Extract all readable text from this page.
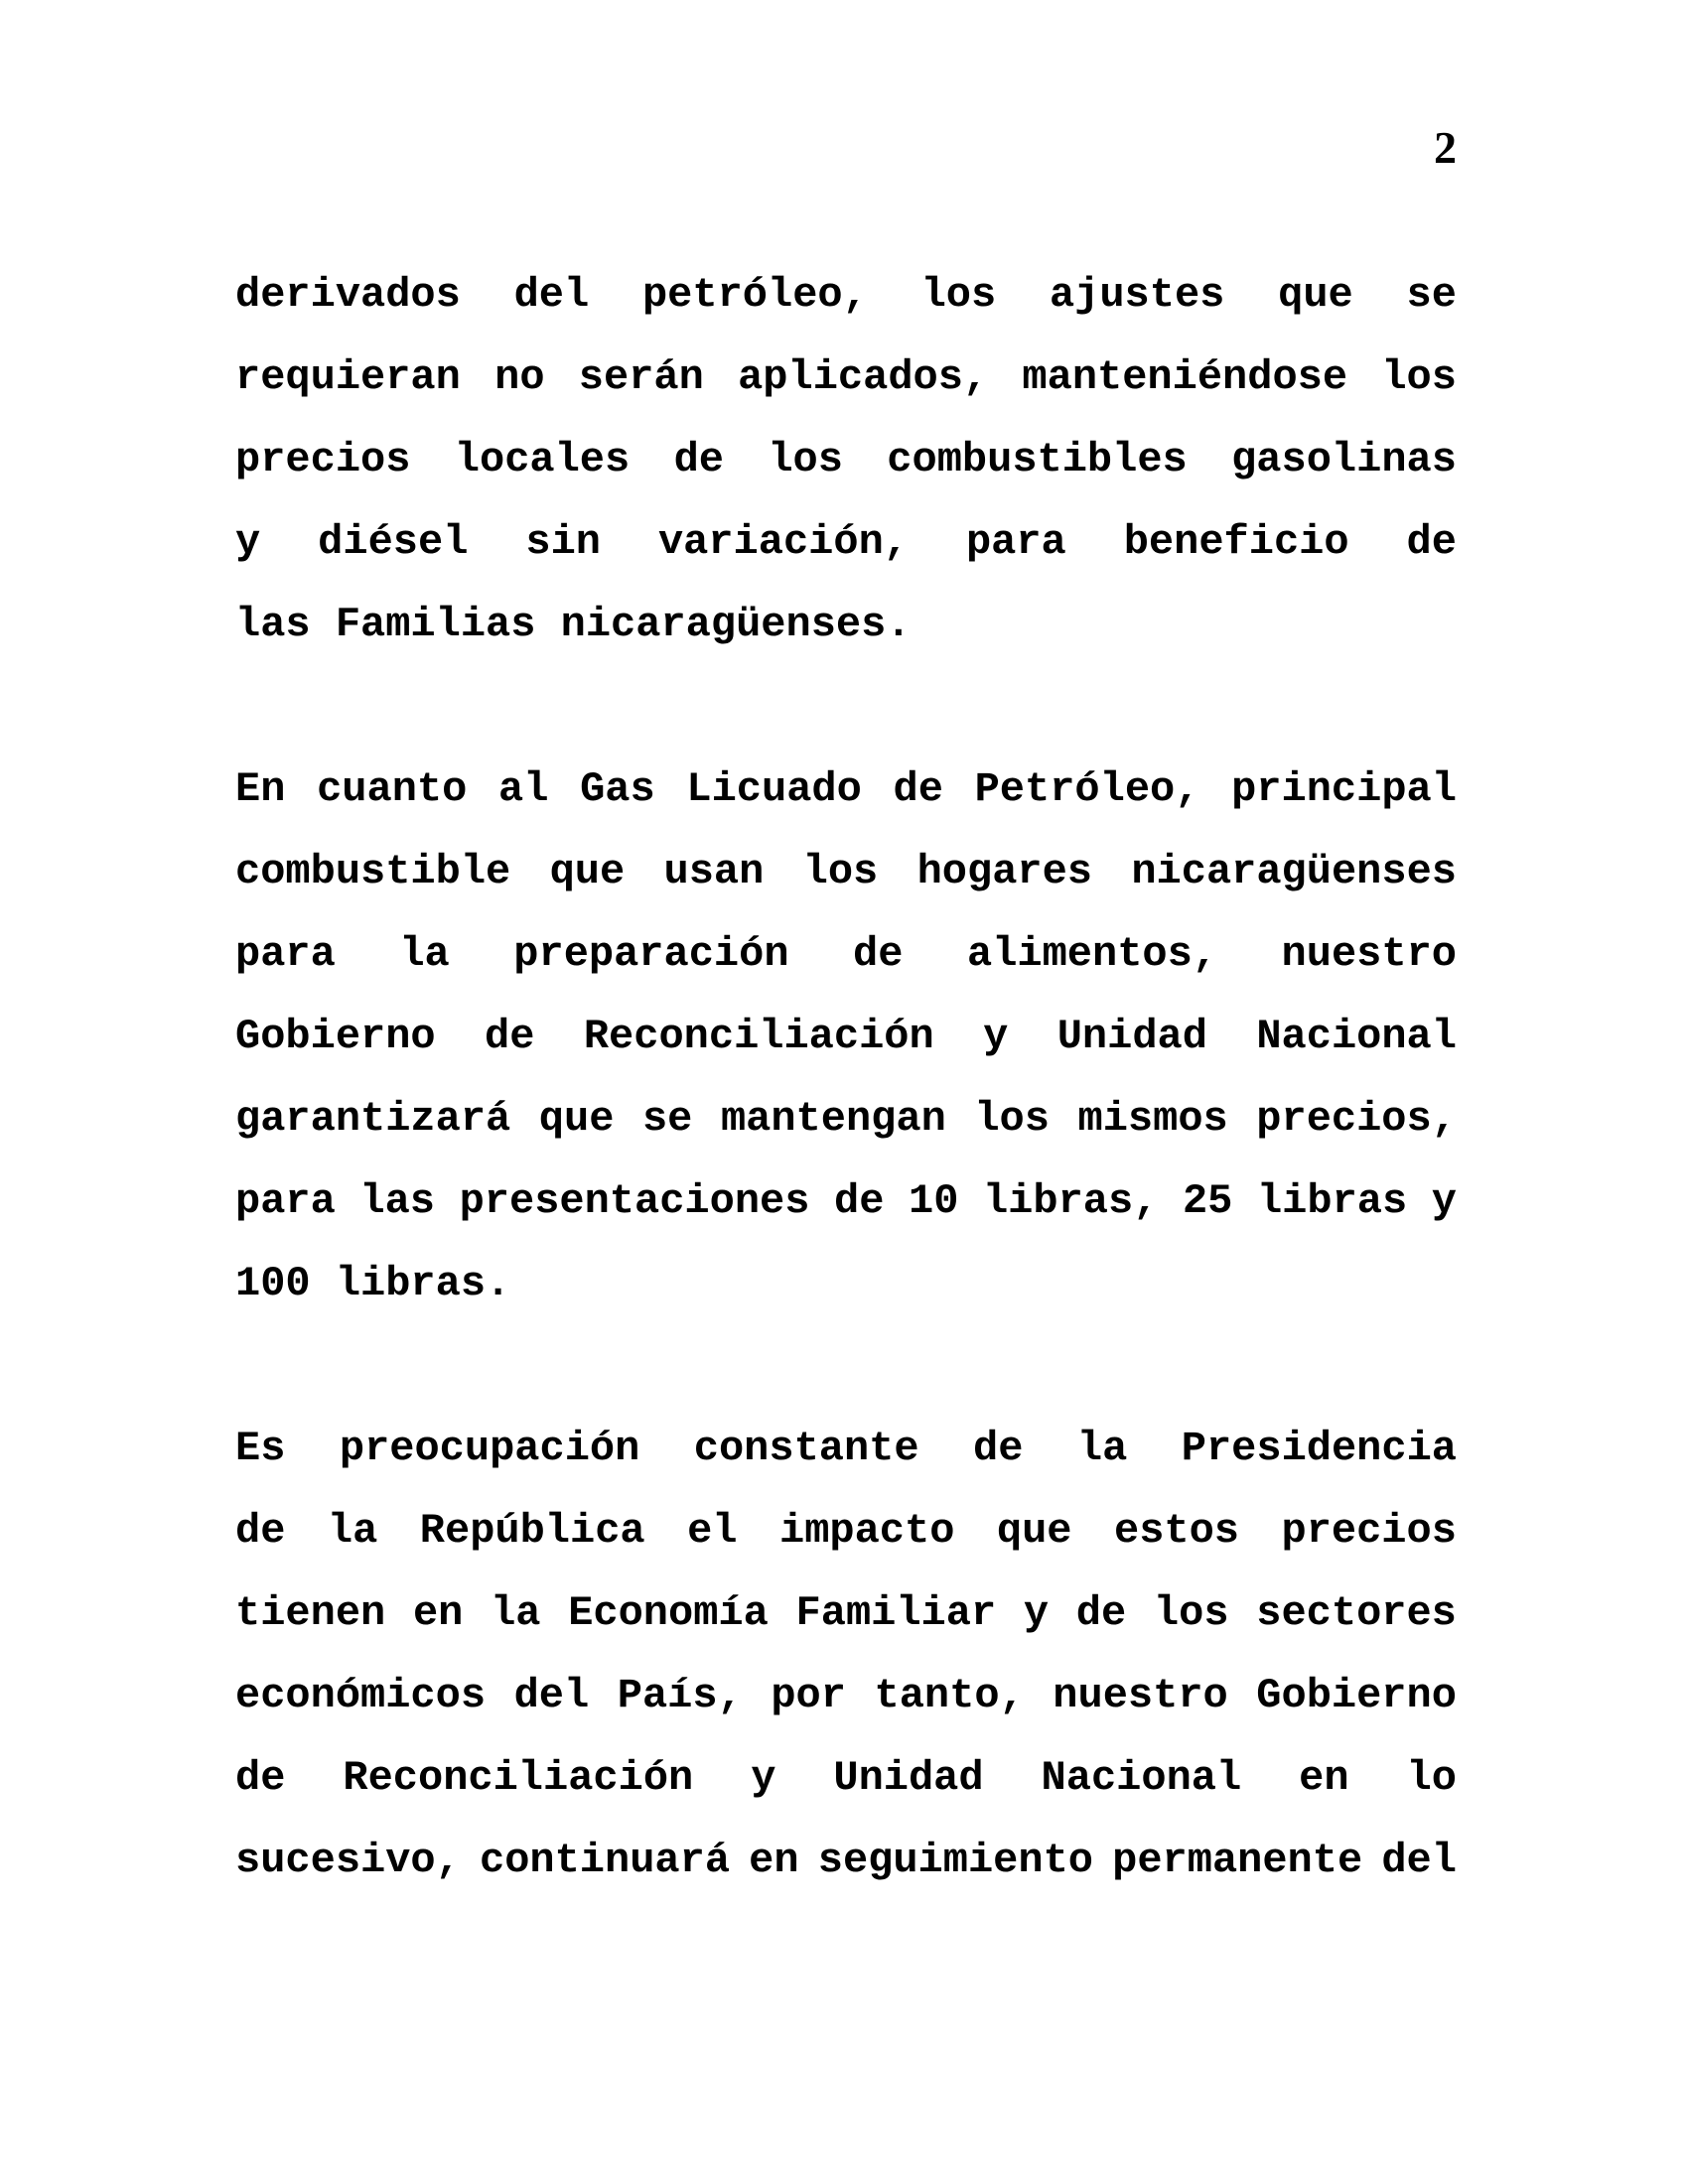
2
derivados del petróleo, los ajustes que se
requieran no serán aplicados, manteniéndose los
precios locales de los combustibles gasolinas
y diésel sin variación, para beneficio de
las Familias nicaragüenses.
En cuanto al Gas Licuado de Petróleo, principal
combustible que usan los hogares nicaragüenses
para la preparación de alimentos, nuestro
Gobierno de Reconciliación y Unidad Nacional
garantizará que se mantengan los mismos precios,
para las presentaciones de 10 libras, 25 libras y
100 libras.
Es preocupación constante de la Presidencia
de la República el impacto que estos precios
tienen en la Economía Familiar y de los sectores
económicos del País, por tanto, nuestro Gobierno
de Reconciliación y Unidad Nacional en lo
sucesivo, continuará en seguimiento permanente del
